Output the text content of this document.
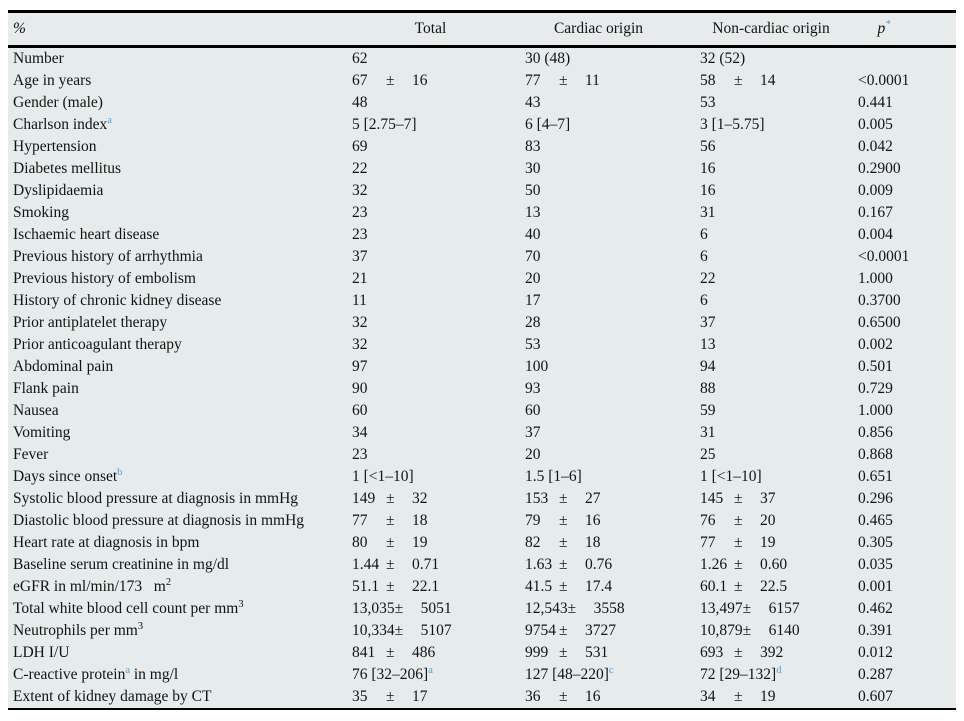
%	Total	Cardiac origin	Non-cardiac origin	p*
Number	62	30 (48)	32 (52)
Age in years	67 ± 16	77 ± 11	58 ± 14	<0.0001
Gender (male)	48	43	53	0.441
Charlson index$^a$	5 [2.75–7]	6 [4–7]	3 [1–5.75]	0.005
Hypertension	69	83	56	0.042
Diabetes mellitus	22	30	16	0.2900
Dyslipidaemia	32	50	16	0.009
Smoking	23	13	31	0.167
Ischaemic heart disease	23	40	6	0.004
Previous history of arrhythmia	37	70	6	<0.0001
Previous history of embolism	21	20	22	1.000
History of chronic kidney disease	11	17	6	0.3700
Prior antiplatelet therapy	32	28	37	0.6500
Prior anticoagulant therapy	32	53	13	0.002
Abdominal pain	97	100	94	0.501
Flank pain	90	93	88	0.729
Nausea	60	60	59	1.000
Vomiting	34	37	31	0.856
Fever	23	20	25	0.868
Days since onset$^b$	1 [<1–10]	1.5 [1–6]	1 [<1–10]	0.651
Systolic blood pressure at diagnosis in mmHg	149 ± 32	153 ± 27	145 ± 37	0.296
Diastolic blood pressure at diagnosis in mmHg	77 ± 18	79 ± 16	76 ± 20	0.465
Heart rate at diagnosis in bpm	80 ± 19	82 ± 18	77 ± 19	0.305
Baseline serum creatinine in mg/dl	1.44 ± 0.71	1.63 ± 0.76	1.26 ± 0.60	0.035
eGFR in ml/min/173   $m^2$	51.1 ± 22.1	41.5 ± 17.4	60.1 ± 22.5	0.001
Total white blood cell count per $mm^3$	13,035± 5051	12,543± 3558	13,497± 6157	0.462
Neutrophils per $mm^3$	10,334± 5107	9754 ± 3727	10,879± 6140	0.391
LDH I/U	841 ± 486	999 ± 531	693 ± 392	0.012
C-reactive protein$^a$ in mg/l	76 [32–206]$^a$	127 [48–220]$^c$	72 [29–132]$^d$	0.287
Extent of kidney damage by CT	35 ± 17	36 ± 16	34 ± 19	0.607
